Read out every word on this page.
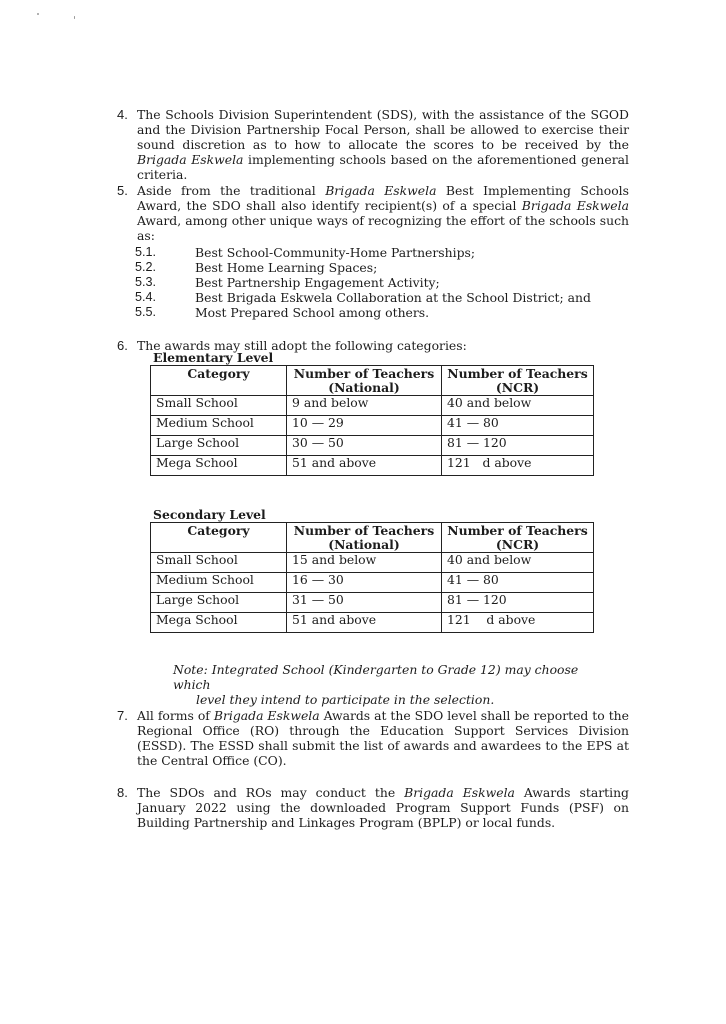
4. The Schools Division Superintendent (SDS), with the assistance of the SGOD and the Division Partnership Focal Person, shall be allowed to exercise their sound discretion as to how to allocate the scores to be received by the Brigada Eskwela implementing schools based on the aforementioned general criteria.
5. Aside from the traditional Brigada Eskwela Best Implementing Schools Award, the SDO shall also identify recipient(s) of a special Brigada Eskwela Award, among other unique ways of recognizing the effort of the schools such as:
5.1.	Best School-Community-Home Partnerships;
5.2.	Best Home Learning Spaces;
5.3.	Best Partnership Engagement Activity;
5.4.	Best Brigada Eskwela Collaboration at the School District; and
5.5.	Most Prepared School among others.
6. The awards may still adopt the following categories:
Elementary Level
Category	Number of Teachers (National)	Number of Teachers (NCR)
Small School	9 and below	40 and below
Medium School	10 — 29	41 — 80
Large School	30 — 50	81 — 120
Mega School	51 and above	121   d above
Secondary Level
Category	Number of Teachers (National)	Number of Teachers (NCR)
Small School	15 and below	40 and below
Medium School	16 — 30	41 — 80
Large School	31 — 50	81 — 120
Mega School	51 and above	121    d above
Note: Integrated School (Kindergarten to Grade 12) may choose which
level they intend to participate in the selection.
7. All forms of Brigada Eskwela Awards at the SDO level shall be reported to the Regional Office (RO) through the Education Support Services Division (ESSD). The ESSD shall submit the list of awards and awardees to the EPS at the Central Office (CO).
8. The SDOs and ROs may conduct the Brigada Eskwela Awards starting January 2022 using the downloaded Program Support Funds (PSF) on Building Partnership and Linkages Program (BPLP) or local funds.
